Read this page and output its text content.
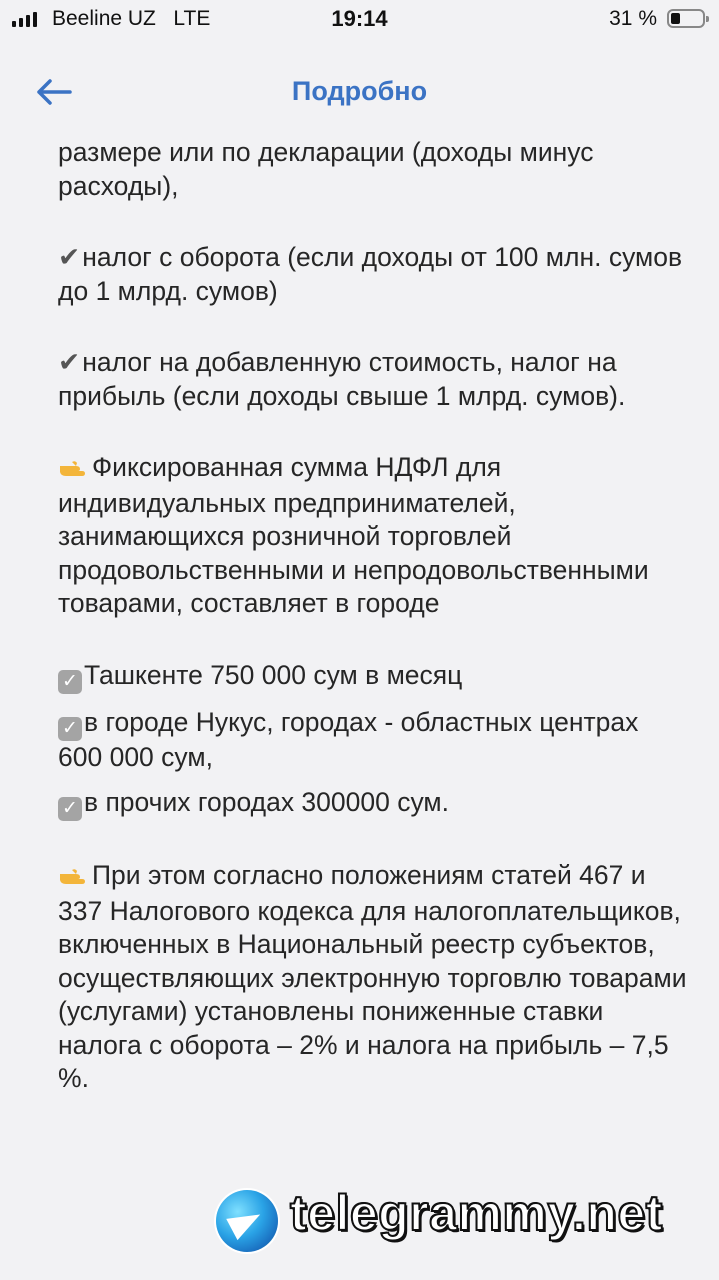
Beeline UZ LTE	19:14	31 %
Подробно

размере или по декларации (доходы минус расходы),

✔налог с оборота (если доходы от 100 млн. сумов до 1 млрд. сумов)

✔налог на добавленную стоимость, налог на прибыль (если доходы свыше 1 млрд. сумов).

Фиксированная сумма НДФЛ для индивидуальных предпринимателей, занимающихся розничной торговлей продовольственными и непродовольственными товарами, составляет в городе

✓ Ташкенте 750 000 сум в месяц

✓ в городе Нукус, городах - областных центрах 600 000 сум,

✓ в прочих городах 300000 сум.

При этом согласно положениям статей 467 и 337 Налогового кодекса для налогоплательщиков, включенных в Национальный реестр субъектов, осуществляющих электронную торговлю товарами (услугами) установлены пониженные ставки налога с оборота – 2% и налога на прибыль – 7,5 %.

telegrammy.net
